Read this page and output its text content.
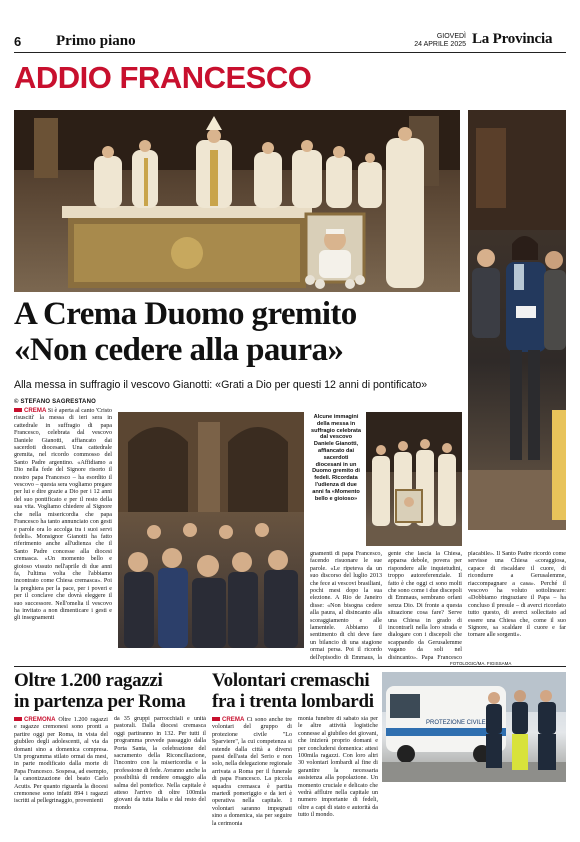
6 Primo piano	GIOVEDÌ
24 APRILE 2025 La Provincia
ADDIO FRANCESCO
A Crema Duomo gremito
«Non cedere alla paura»
Alla messa in suffragio il vescovo Gianotti: «Grati a Dio per questi 12 anni di pontificato»
© STEFANO SAGRESTANO
CREMA Si è aperta al canto 'Cristo risuscitì' la messa di ieri sera in cattedrale in suffragio di papa Francesco, celebrata dal vescovo Daniele Gianotti, affiancato dai sacerdoti diocesani. Una cattedrale gremita, nel ricordo commosso del Santo Padre argentino. «Affidiamo a Dio nella fede del Signore risorto il nostro papa Francesco – ha esordito il vescovo – questa sera vogliamo pregare per lui e dire grazie a Dio per i 12 anni del suo pontificato e per il resto della sua vita. Vogliamo chiedere al Signore che nella misericordia che papa Francesco ha tanto annunciato con gesti e parole ora lo accolga tra i suoi servi fedeli». Monsignor Gianotti ha fatto riferimento anche all'udienza che il Santo Padre concesse alla diocesi cremasca. «Un momento bello e gioioso vissuto nell'aprile di due anni fa, l'ultima volta che l'abbiamo incontrato come Chiesa cremasca». Poi la preghiera per la pace, per i poveri e per il conclave che dovrà eleggere il suo successore. Nell'omelia il vescovo ha invitato a non dimenticare i gesti e gli insegnamenti
Alcune immagini della messa in suffragio celebrata dal vescovo Daniele Gianotti, affiancato dai sacerdoti diocesani in un Duomo gremito di fedeli. Ricordata l'udienza di due anni fa «Momento bello e gioioso»
gnamenti di papa Francesco, facendo risuonare le sue parole. «Le ripeteva da un suo discorso del luglio 2013 che fece ai vescovi brasiliani, pochi mesi dopo la sua elezione. A Rio de Janeiro disse: «Non bisogna cedere alla paura, al disincanto alla scoraggiamento e alle lamentele. Abbiamo il sentimento di chi deve fare un bilancio di una stagione ormai persa. Poi il ricordo dell'episodio di Emmaus, la
gente che lascia la Chiesa, apparsa debole, povera per rispondere alle inquietudini, troppo autoreferenziale. Il fatto è che oggi ci sono molti che sono come i due discepoli di Emmaus, sembrano orfani senza Dio. Di fronte a questa situazione cosa fare? Serve una Chiesa in grado di incontrarli nella loro strada e dialogare con i discepoli che scappando da Gerusalemme vagano da soli nel disincanto». Papa Francesco
placabile». Il Santo Padre ricordò come servisse una Chiesa «coraggiosa, capace di riscaldare il cuore, di ricondurre a Gerusalemme, riaccompagnare a casa». Perché il vescovo ha voluto sottolineare: «Dobbiamo ringraziare il Papa – ha concluso il presule – di averci ricordato tutto questo, di averci sollecitato ad essere una Chiesa che, come il suo Signore, sa scaldare il cuore e far tornare alle sorgenti».
FOTOLOGIC/MA. FIGISSAMA
Oltre 1.200 ragazzi
in partenza per Roma
CREMONA Oltre 1.200 ragazzi e ragazze cremonesi sono pronti a partire oggi per Roma, in vista del giubileo degli adolescenti, al via da domani sino a domenica compresa. Un programma stilato ormai da mesi, in parte modificato dalla morte di Papa Francesco. Sospesa, ad esempio, la canonizzazione del beato Carlo Acutis. Per quanto riguarda la diocesi cremonese sono infatti 894 i ragazzi iscritti al pellegrinaggio, provenienti
da 35 gruppi parrocchiali e unità pastorali. Dalla diocesi cremasca oggi partiranno in 132. Per tutti il programma prevede passaggio dalla Porta Santa, la celebrazione del sacramento della Riconciliazione, l'incontro con la misericordia e la professione di fede. Avranno anche la possibilità di rendere omaggio alla salma del pontefice. Nella capitale è atteso l'arrivo di oltre 100mila giovani da tutta Italia e dal resto del mondo
Volontari cremaschi
fra i trenta lombardi
CREMA Ci sono anche tre volontari del gruppo di protezione civile "Lo Sparviere", la cui competenza si estende dalla città a diversi paesi dell'asta del Serio e non solo, nella delegazione regionale arrivata a Roma per il funerale di papa Francesco. La piccola squadra cremasca è partita martedì pomeriggio e da ieri è operativa nella capitale. I volontari saranno impegnati sino a domenica, sia per seguire la cerimonia
monia funebre di sabato sia per le altre attività logistiche connesse al giubileo dei giovani, che inizierà proprio domani e per concludersi domenica: attesi 100mila ragazzi. Con loro altri 30 volontari lombardi al fine di garantire la necessaria assistenza alla popolazione. Un momento cruciale e delicato che vedrà affluire nella capitale un numero importante di fedeli, oltre a capi di stato e autorità da tutto il mondo.
PROTEZIONE CIVILE
